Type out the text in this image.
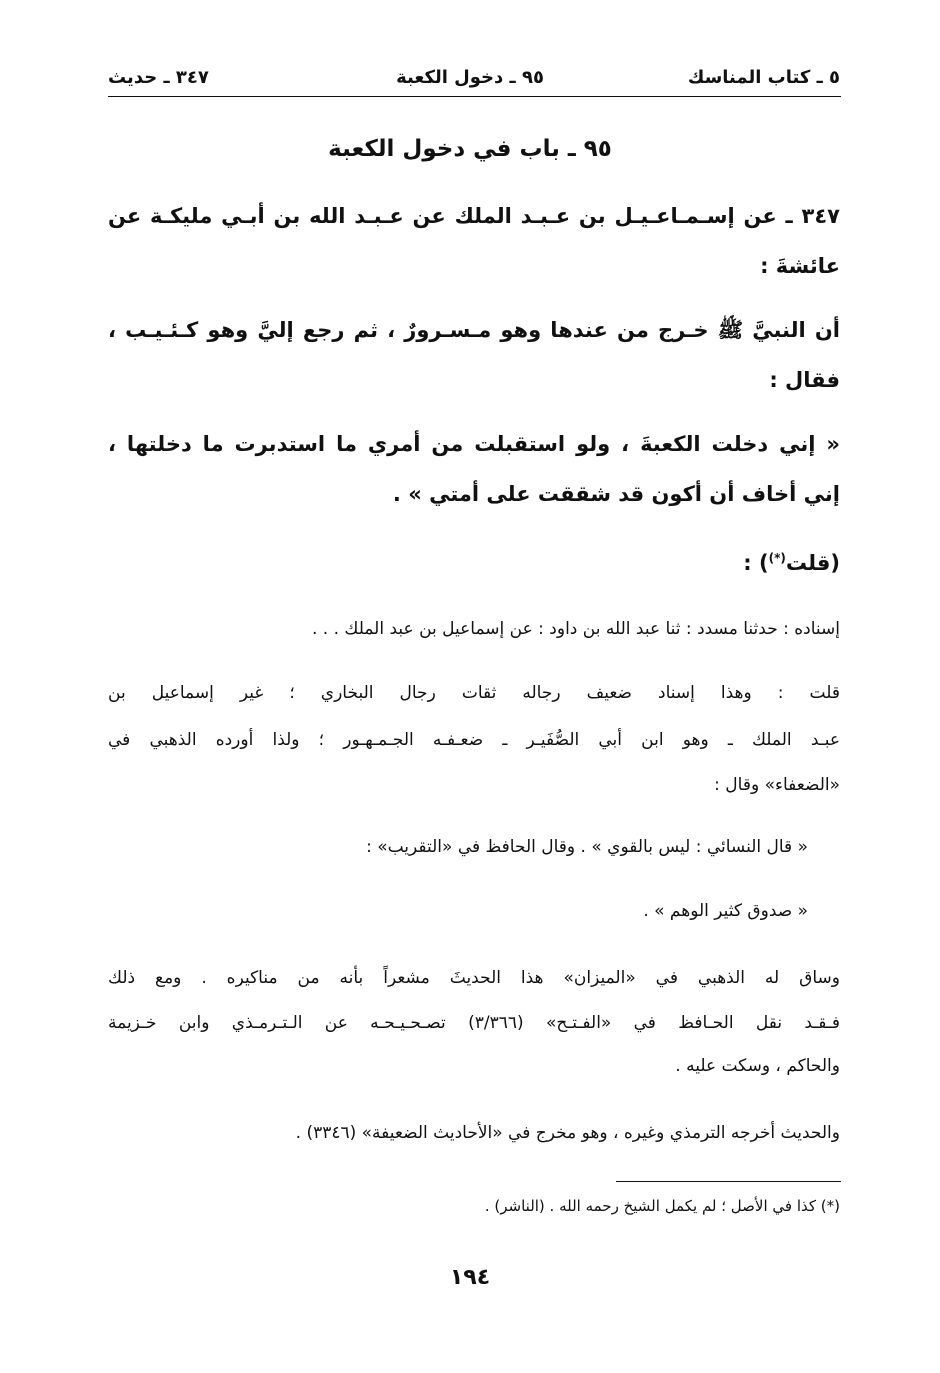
٥ ـ كتاب المناسك
٩٥ ـ دخول الكعبة
٣٤٧ ـ حديث
٩٥ ـ باب في دخول الكعبة
٣٤٧ ـ عن إسـمـاعـيـل بن عـبـد الملك عن عـبـد الله بن أبـي مليكـة عن
عائشةَ :
أن النبيَّ ﷺ خـرج من عندها وهو مـسـرورٌ ، ثم رجع إليَّ وهو كـئـيـب ،
فقال :
« إني دخلت الكعبةَ ، ولو استقبلت من أمري ما استدبرت ما دخلتها ،
إني أخاف أن أكون قد شققت على أمتي » .
(قلت(*)) :
إسناده : حدثنا مسدد : ثنا عبد الله بن داود : عن إسماعيل بن عبد الملك . . .
قلت : وهذا إسناد ضعيف رجاله ثقات رجال البخاري ؛ غير إسماعيل بن
عبـد الملك ـ وهو ابن أبي الصُّفَيـر ـ ضعـفـه الجـمـهـور ؛ ولذا أورده الذهبي في
«الضعفاء» وقال :
« قال النسائي : ليس بالقوي » . وقال الحافظ في «التقريب» :
« صدوق كثير الوهم » .
وساق له الذهبي في «الميزان» هذا الحديثَ مشعراً بأنه من مناكيره . ومع ذلك
فـقـد نقل الحـافظ في «الفـتـح» (٣/٣٦٦) تصـحـيـحـه عن الـتـرمـذي وابن خـزيمة
والحاكم ، وسكت عليه .
والحديث أخرجه الترمذي وغيره ، وهو مخرج في «الأحاديث الضعيفة» (٣٣٤٦) .
(*) كذا في الأصل ؛ لم يكمل الشيخ رحمه الله . (الناشر) .
١٩٤
